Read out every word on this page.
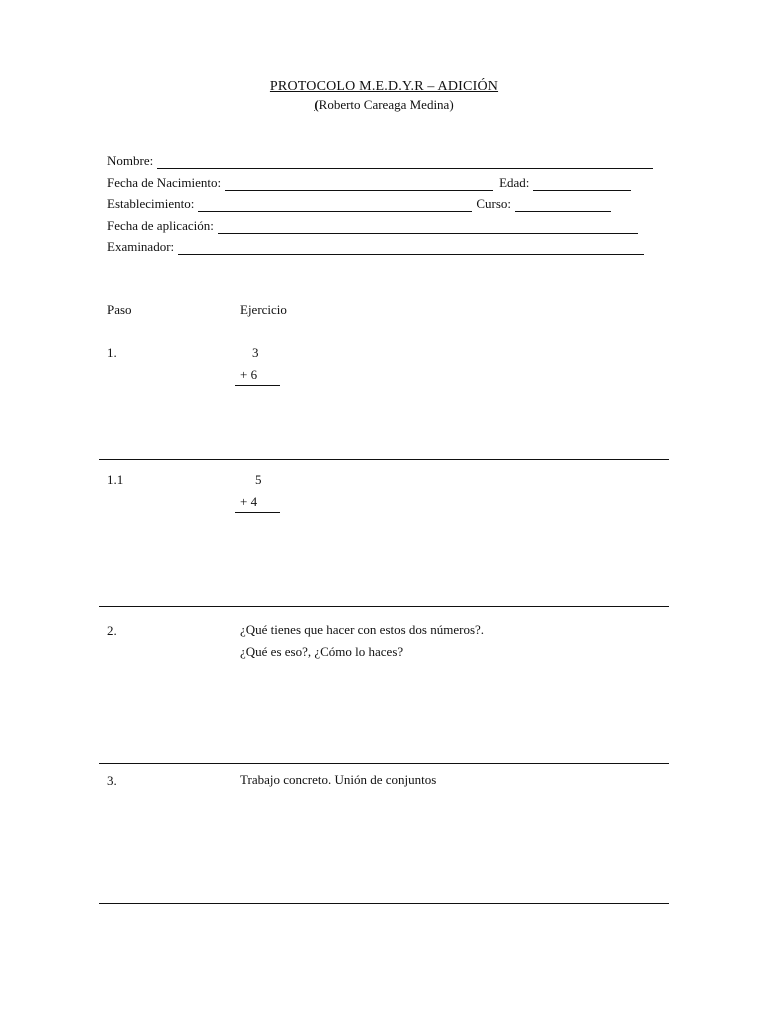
PROTOCOLO M.E.D.Y.R – ADICIÓN
(Roberto Careaga Medina)
Nombre:
Fecha de Nacimiento:	Edad:
Establecimiento:	Curso:
Fecha de aplicación:
Examinador:
Paso	Ejercicio
1.	3
+ 6
1.1	5
+ 4
2.	¿Qué tienes que hacer con estos dos números?.
¿Qué es eso?, ¿Cómo lo haces?
3.	Trabajo concreto. Unión de conjuntos
